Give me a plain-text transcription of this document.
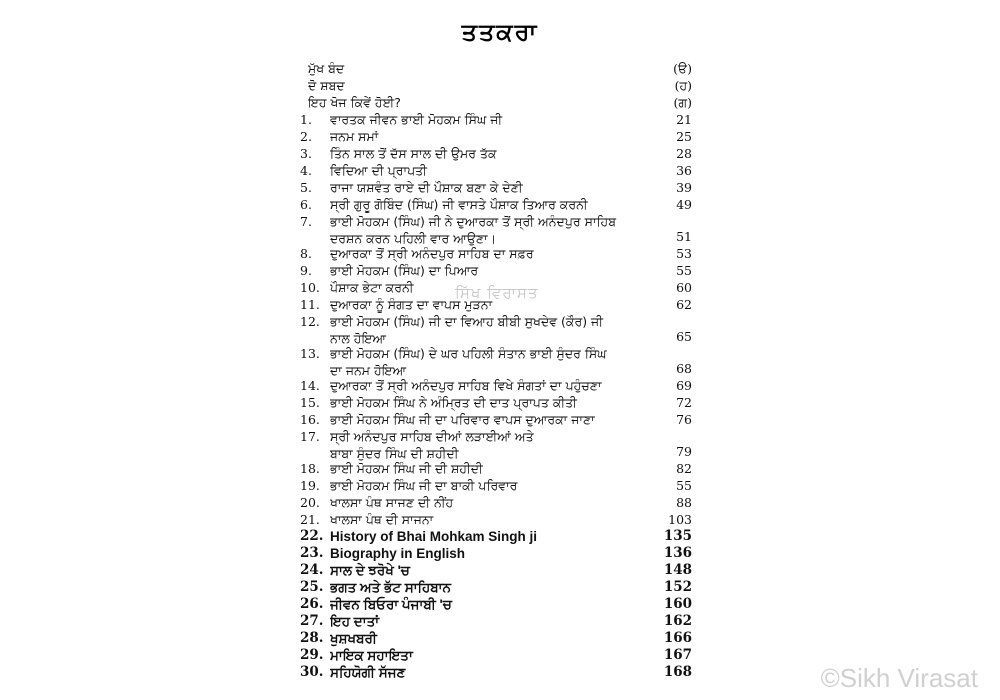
ਤਤਕਰਾ
ਮੁੱਖ ਬੰਦ	(ੳ)
ਦੋ ਸ਼ਬਦ	(ਹ)
ਇਹ ਖੋਜ ਕਿਵੇਂ ਹੋਈ?	(ਗ)
1.	ਵਾਰਤਕ ਜੀਵਨ ਭਾਈ ਮੋਹਕਮ ਸਿੰਘ ਜੀ	21
2.	ਜਨਮ ਸਮਾਂ	25
3.	ਤਿੰਨ ਸਾਲ ਤੋਂ ਦੱਸ ਸਾਲ ਦੀ ਉਮਰ ਤੱਕ	28
4.	ਵਿਦਿਆ ਦੀ ਪ੍ਰਾਪਤੀ	36
5.	ਰਾਜਾ ਯਸ਼ਵੰਤ ਰਾਏ ਦੀ ਪੌਸ਼ਾਕ ਬਣਾ ਕੇ ਦੇਣੀ	39
6.	ਸ੍ਰੀ ਗੁਰੂ ਗੋਬਿੰਦ (ਸਿੰਘ) ਜੀ ਵਾਸਤੇ ਪੌਸ਼ਾਕ ਤਿਆਰ ਕਰਨੀ	49
7.	ਭਾਈ ਮੋਹਕਮ (ਸਿੰਘ) ਜੀ ਨੇ ਦੁਆਰਕਾ ਤੋਂ ਸ੍ਰੀ ਅਨੰਦਪੁਰ ਸਾਹਿਬ
ਦਰਸ਼ਨ ਕਰਨ ਪਹਿਲੀ ਵਾਰ ਆਉਣਾ।	51
8.	ਦੁਆਰਕਾ ਤੋਂ ਸ੍ਰੀ ਅਨੰਦਪੁਰ ਸਾਹਿਬ ਦਾ ਸਫ਼ਰ	53
9.	ਭਾਈ ਮੋਹਕਮ (ਸਿੰਘ) ਦਾ ਪਿਆਰ	55
10. ਪੌਸ਼ਾਕ ਭੇਟਾ ਕਰਨੀ	60
11. ਦੁਆਰਕਾ ਨੂੰ ਸੰਗਤ ਦਾ ਵਾਪਸ ਮੁੜਨਾ	62
12. ਭਾਈ ਮੋਹਕਮ (ਸਿੰਘ) ਜੀ ਦਾ ਵਿਆਹ ਬੀਬੀ ਸੁਖਦੇਵ (ਕੌਰ) ਜੀ
ਨਾਲ ਹੋਇਆ	65
13. ਭਾਈ ਮੋਹਕਮ (ਸਿੰਘ) ਦੇ ਘਰ ਪਹਿਲੀ ਸੰਤਾਨ ਭਾਈ ਸੁੰਦਰ ਸਿੰਘ
ਦਾ ਜਨਮ ਹੋਇਆ	68
14. ਦੁਆਰਕਾ ਤੋਂ ਸ੍ਰੀ ਅਨੰਦਪੁਰ ਸਾਹਿਬ ਵਿਖੇ ਸੰਗਤਾਂ ਦਾ ਪਹੁੰਚਣਾ	69
15. ਭਾਈ ਮੋਹਕਮ ਸਿੰਘ ਨੇ ਅੰਮ੍ਰਿਤ ਦੀ ਦਾਤ ਪ੍ਰਾਪਤ ਕੀਤੀ	72
16. ਭਾਈ ਮੋਹਕਮ ਸਿੰਘ ਜੀ ਦਾ ਪਰਿਵਾਰ ਵਾਪਸ ਦੁਆਰਕਾ ਜਾਣਾ	76
17. ਸ੍ਰੀ ਅਨੰਦਪੁਰ ਸਾਹਿਬ ਦੀਆਂ ਲੜਾਈਆਂ ਅਤੇ
ਬਾਬਾ ਸੁੰਦਰ ਸਿੰਘ ਦੀ ਸ਼ਹੀਦੀ	79
18. ਭਾਈ ਮੋਹਕਮ ਸਿੰਘ ਜੀ ਦੀ ਸ਼ਹੀਦੀ	82
19. ਭਾਈ ਮੋਹਕਮ ਸਿੰਘ ਜੀ ਦਾ ਬਾਕੀ ਪਰਿਵਾਰ	55
20. ਖਾਲਸਾ ਪੰਥ ਸਾਜਣ ਦੀ ਨੀਂਹ	88
21. ਖਾਲਸਾ ਪੰਥ ਦੀ ਸਾਜਨਾ	103
22. History of Bhai Mohkam Singh ji	135
23. Biography in English	136
24. ਸਾਲ ਦੇ ਝਰੋਖੇ 'ਚ	148
25. ਭਗਤ ਅਤੇ ਭੱਟ ਸਾਹਿਬਾਨ	152
26. ਜੀਵਨ ਬਿਓਰਾ ਪੰਜਾਬੀ 'ਚ	160
27. ਇਹ ਦਾਤਾਂ	162
28. ਖੁਸ਼ਖਬਰੀ	166
29. ਮਾਇਕ ਸਹਾਇਤਾ	167
30. ਸਹਿਯੋਗੀ ਸੱਜਣ	168
ਸਿੱਖ ਵਿਰਾਸਤ
©Sikh Virasat
